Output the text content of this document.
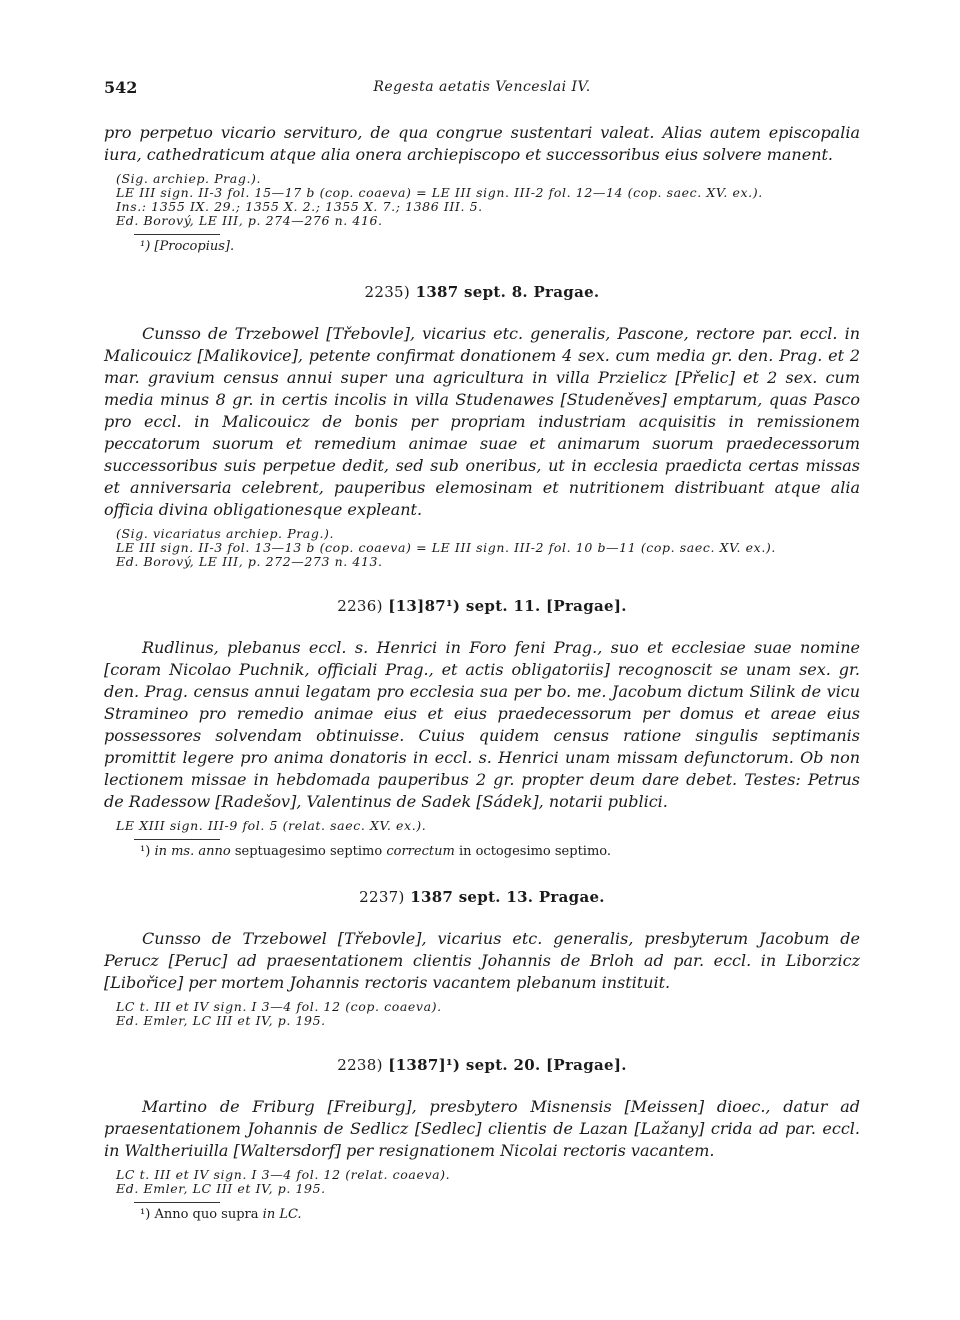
542	Regesta aetatis Venceslai IV.

pro perpetuo vicario servituro, de qua congrue sustentari valeat. Alias autem episcopalia iura, cathedraticum atque alia onera archiepiscopo et successoribus eius solvere manent.

(Sig. archiep. Prag.).

LE III sign. II-3 fol. 15—17 b (cop. coaeva) = LE III sign. III-2 fol. 12—14 (cop. saec. XV. ex.).

Ins.: 1355 IX. 29.; 1355 X. 2.; 1355 X. 7.; 1386 III. 5.

Ed. Borový, LE III, p. 274—276 n. 416.

¹) [Procopius].

2235) 1387 sept. 8. Pragae.

Cunsso de Trzebowel [Třebovle], vicarius etc. generalis, Pascone, rectore par. eccl. in Malicouicz [Malikovice], petente confirmat donationem 4 sex. cum media gr. den. Prag. et 2 mar. gravium census annui super una agricultura in villa Przielicz [Přelic] et 2 sex. cum media minus 8 gr. in certis incolis in villa Studenawes [Studeněves] emptarum, quas Pasco pro eccl. in Malicouicz de bonis per propriam industriam acquisitis in remissionem peccatorum suorum et remedium animae suae et animarum suorum praedecessorum successoribus suis perpetue dedit, sed sub oneribus, ut in ecclesia praedicta certas missas et anniversaria celebrent, pauperibus elemosinam et nutritionem distribuant atque alia officia divina obligationesque expleant.

(Sig. vicariatus archiep. Prag.).

LE III sign. II-3 fol. 13—13 b (cop. coaeva) = LE III sign. III-2 fol. 10 b—11 (cop. saec. XV. ex.).

Ed. Borový, LE III, p. 272—273 n. 413.

2236) [13]87¹) sept. 11. [Pragae].

Rudlinus, plebanus eccl. s. Henrici in Foro feni Prag., suo et ecclesiae suae nomine [coram Nicolao Puchnik, officiali Prag., et actis obligatoriis] recognoscit se unam sex. gr. den. Prag. census annui legatam pro ecclesia sua per bo. me. Jacobum dictum Silink de vicu Stramineo pro remedio animae eius et eius praedecessorum per domus et areae eius possessores solvendam obtinuisse. Cuius quidem census ratione singulis septimanis promittit legere pro anima donatoris in eccl. s. Henrici unam missam defunctorum. Ob non lectionem missae in hebdomada pauperibus 2 gr. propter deum dare debet. Testes: Petrus de Radessow [Radešov], Valentinus de Sadek [Sádek], notarii publici.

LE XIII sign. III-9 fol. 5 (relat. saec. XV. ex.).

¹) in ms. anno septuagesimo septimo correctum in octogesimo septimo.

2237) 1387 sept. 13. Pragae.

Cunsso de Trzebowel [Třebovle], vicarius etc. generalis, presbyterum Jacobum de Perucz [Peruc] ad praesentationem clientis Johannis de Brloh ad par. eccl. in Liborzicz [Libořice] per mortem Johannis rectoris vacantem plebanum instituit.

LC t. III et IV sign. I 3—4 fol. 12 (cop. coaeva).

Ed. Emler, LC III et IV, p. 195.

2238) [1387]¹) sept. 20. [Pragae].

Martino de Friburg [Freiburg], presbytero Misnensis [Meissen] dioec., datur ad praesentationem Johannis de Sedlicz [Sedlec] clientis de Lazan [Lažany] crida ad par. eccl. in Waltheriuilla [Waltersdorf] per resignationem Nicolai rectoris vacantem.

LC t. III et IV sign. I 3—4 fol. 12 (relat. coaeva).

Ed. Emler, LC III et IV, p. 195.

¹) Anno quo supra in LC.
